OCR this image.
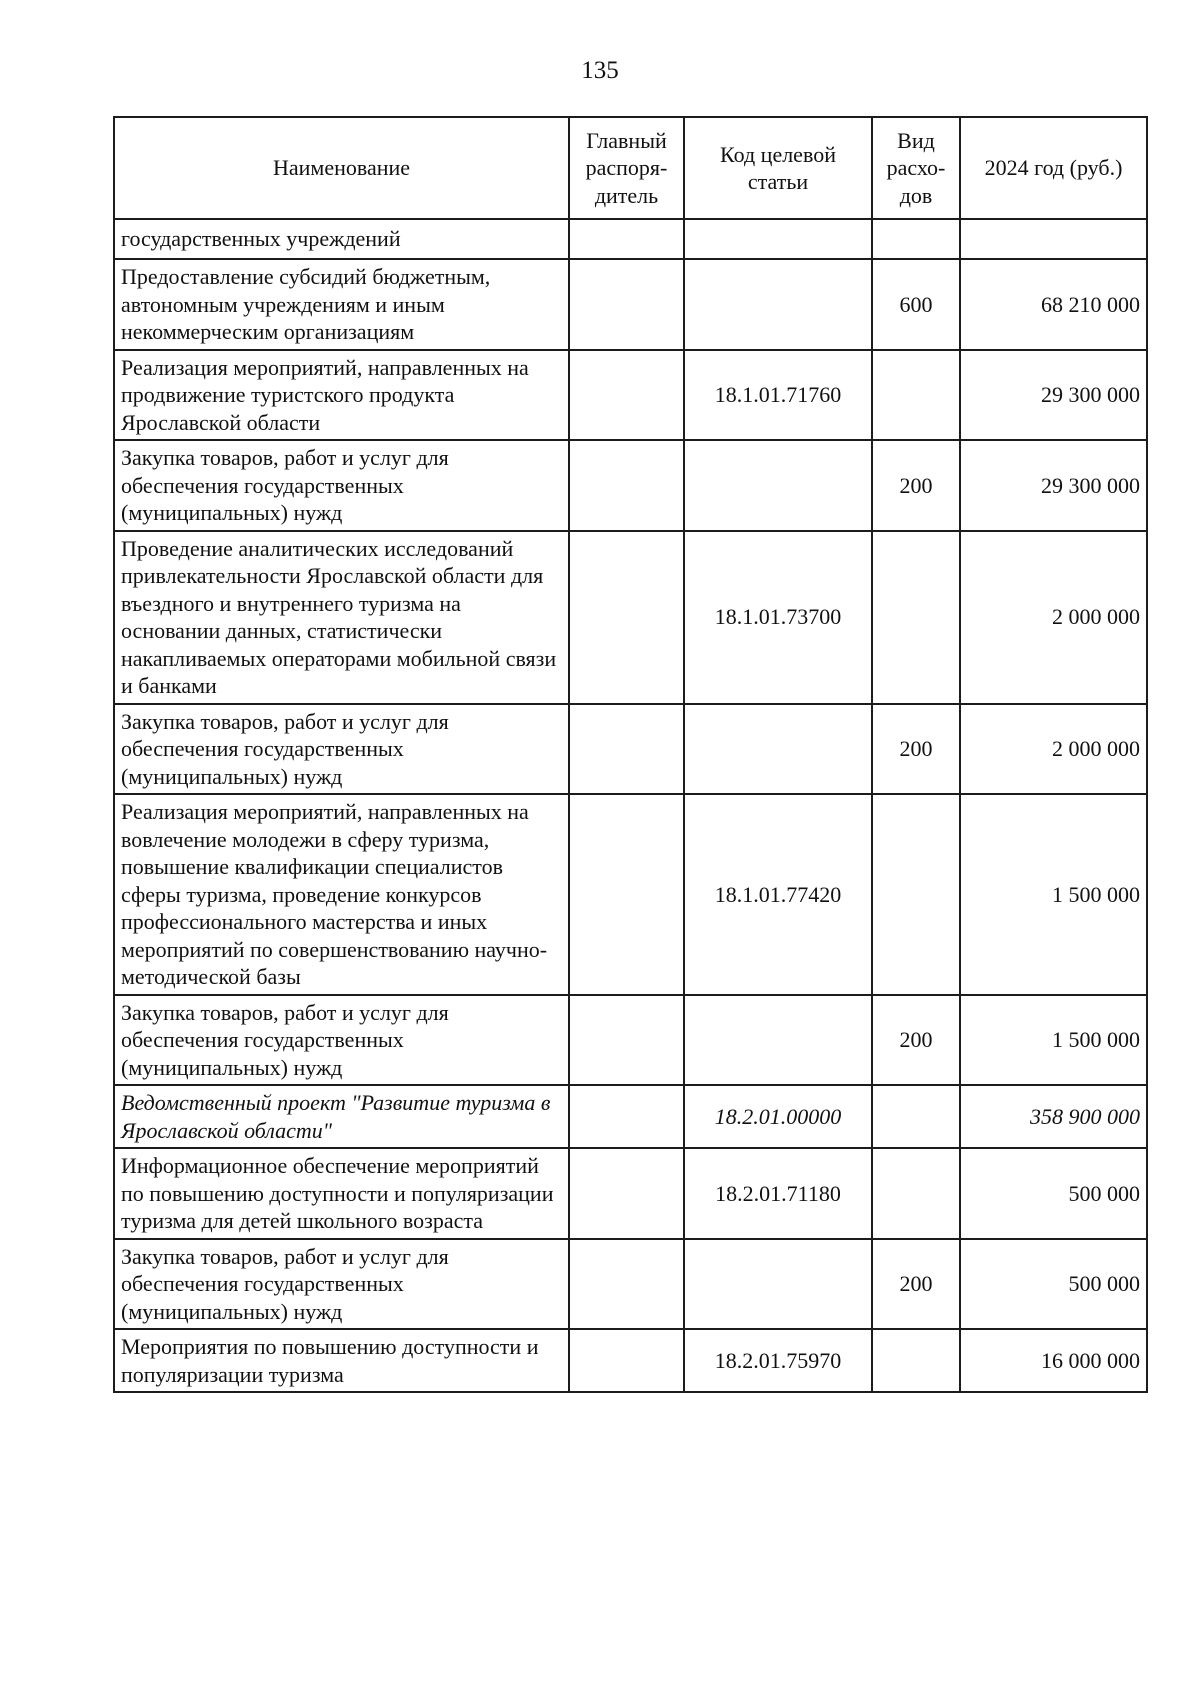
135
Наименование	Главный распоря-дитель	Код целевой статьи	Вид расхо-дов	2024 год (руб.)
государственных учреждений				
Предоставление субсидий бюджетным, автономным учреждениям и иным некоммерческим организациям			600	68 210 000
Реализация мероприятий, направленных на продвижение туристского продукта Ярославской области		18.1.01.71760		29 300 000
Закупка товаров, работ и услуг для обеспечения государственных (муниципальных) нужд			200	29 300 000
Проведение аналитических исследований привлекательности Ярославской области для въездного и внутреннего туризма на основании данных, статистически накапливаемых операторами мобильной связи и банками		18.1.01.73700		2 000 000
Закупка товаров, работ и услуг для обеспечения государственных (муниципальных) нужд			200	2 000 000
Реализация мероприятий, направленных на вовлечение молодежи в сферу туризма, повышение квалификации специалистов сферы туризма, проведение конкурсов профессионального мастерства и иных мероприятий по совершенствованию научно-методической базы		18.1.01.77420		1 500 000
Закупка товаров, работ и услуг для обеспечения государственных (муниципальных) нужд			200	1 500 000
Ведомственный проект "Развитие туризма в Ярославской области"		18.2.01.00000		358 900 000
Информационное обеспечение мероприятий по повышению доступности и популяризации туризма для детей школьного возраста		18.2.01.71180		500 000
Закупка товаров, работ и услуг для обеспечения государственных (муниципальных) нужд			200	500 000
Мероприятия по повышению доступности и популяризации туризма		18.2.01.75970		16 000 000
